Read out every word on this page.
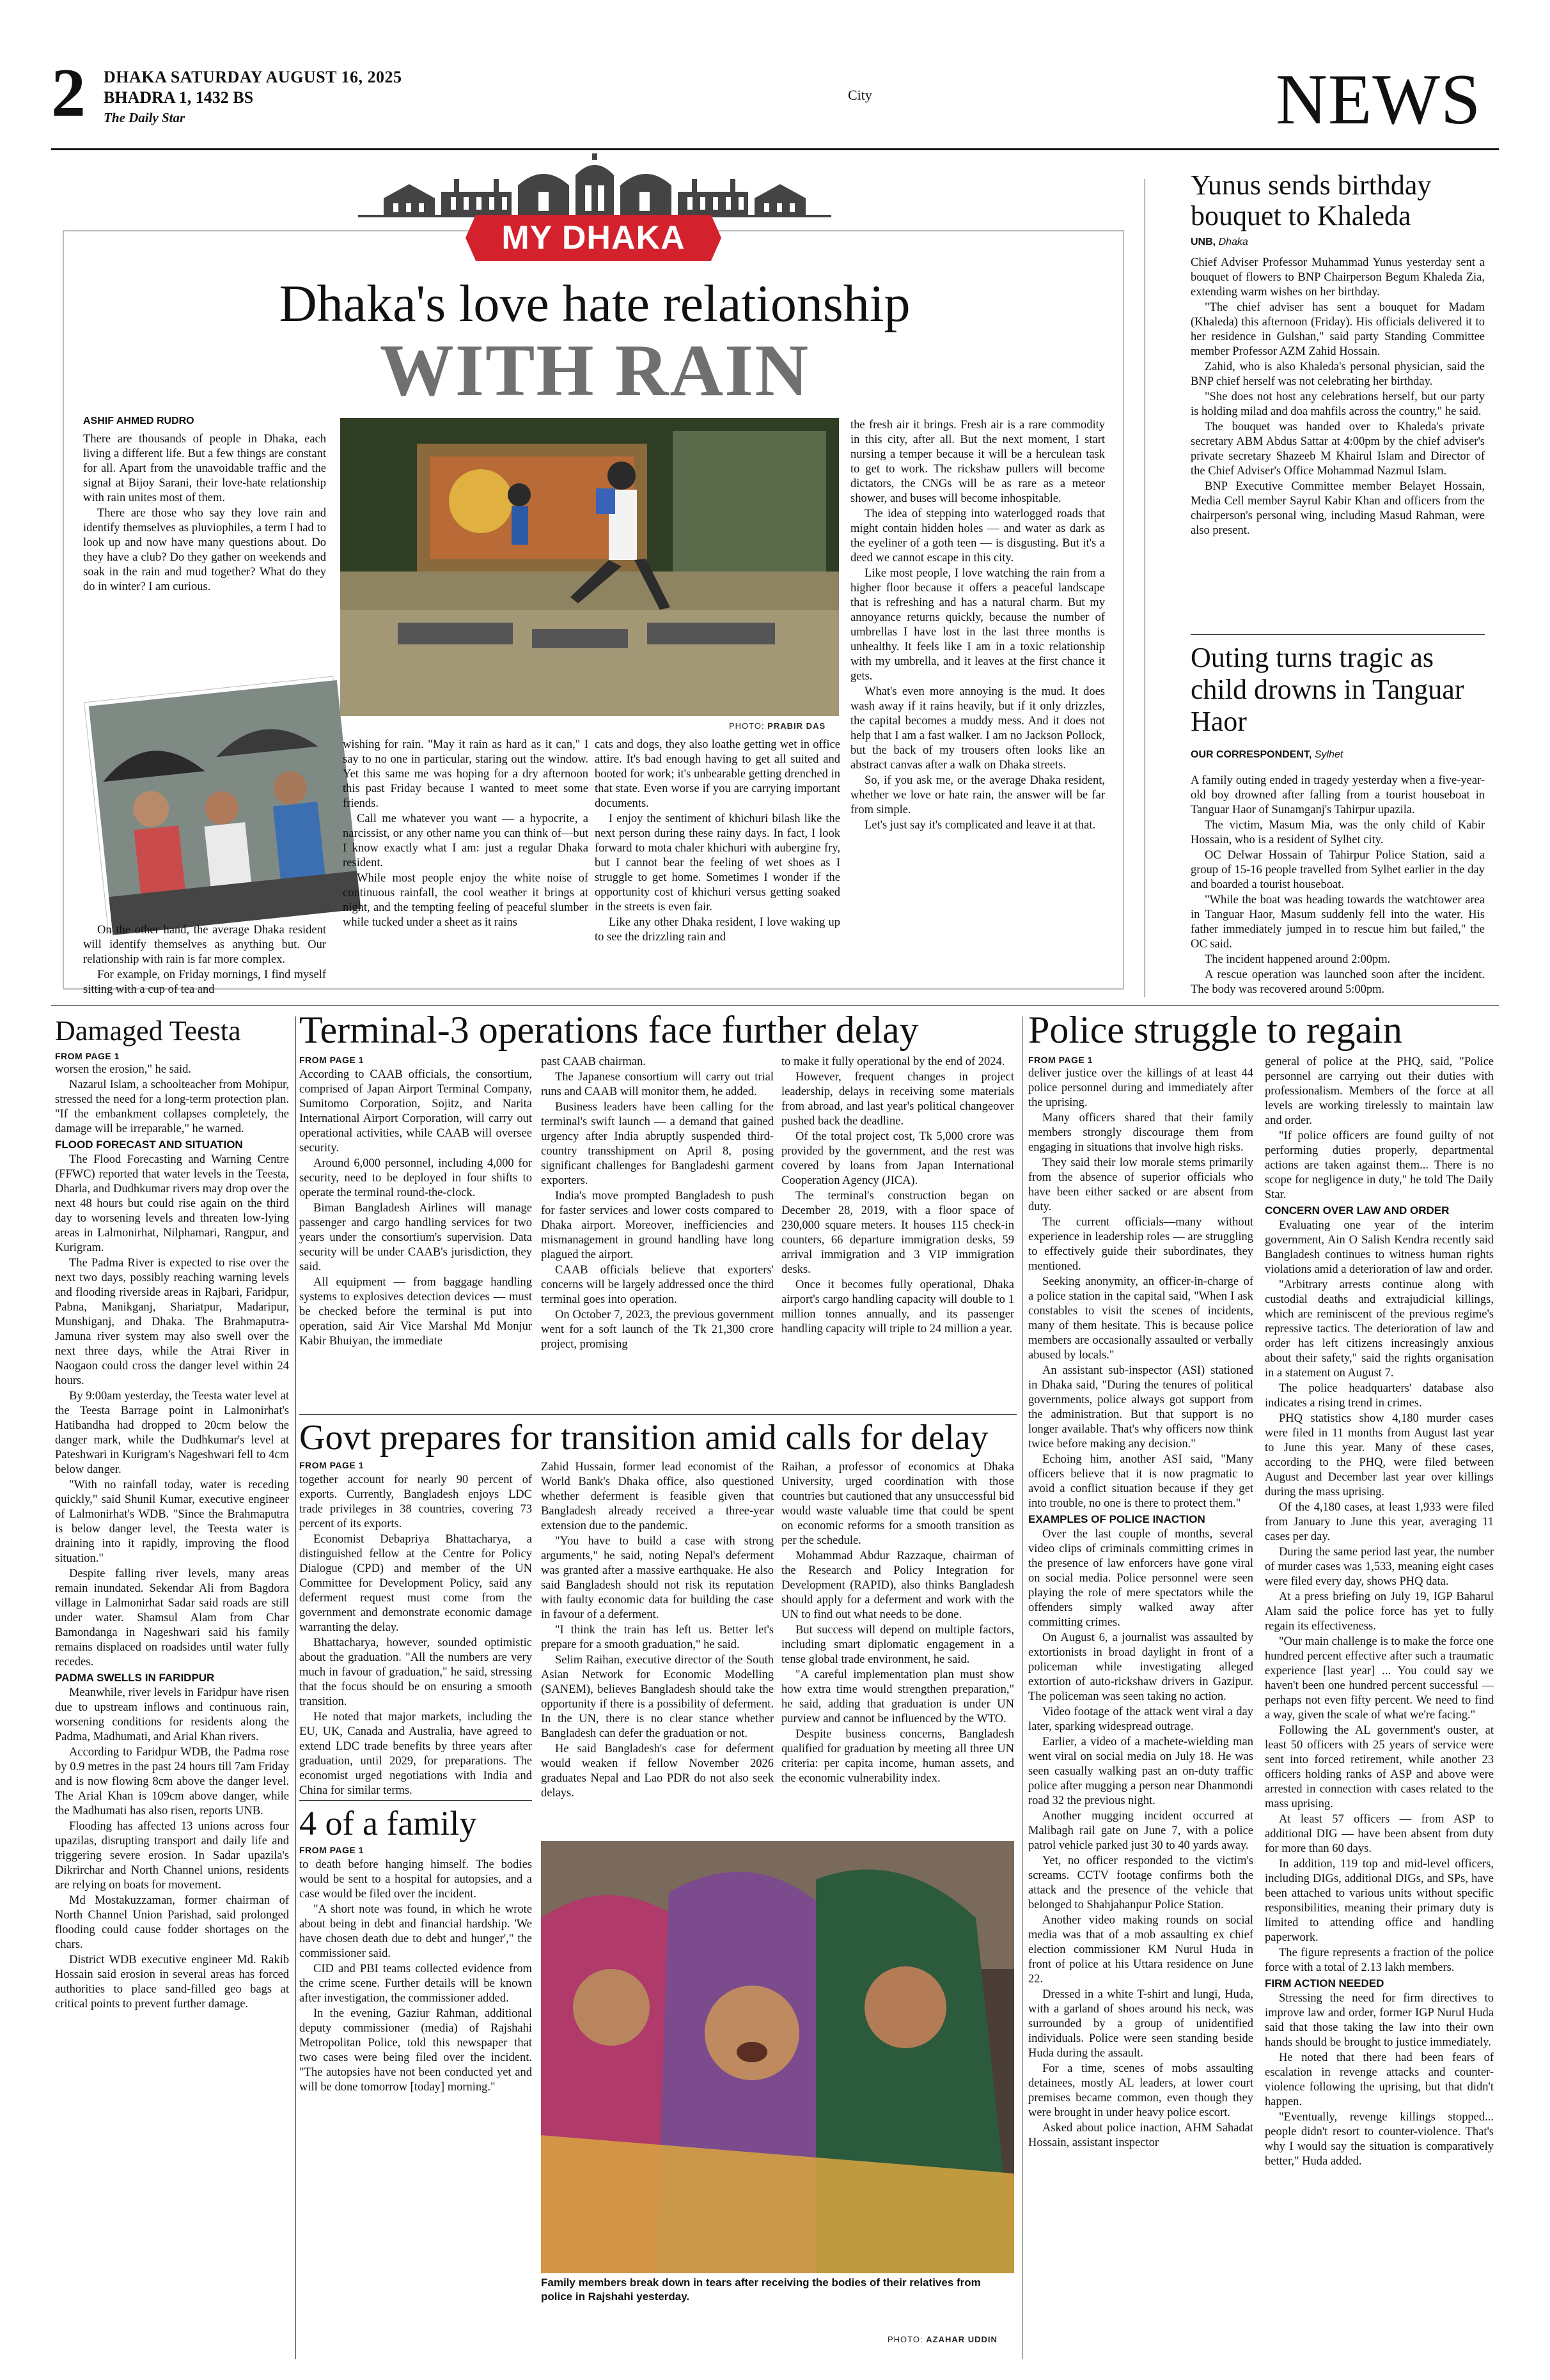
2 DHAKA SATURDAY AUGUST 16, 2025
BHADRA 1, 1432 BS
The Daily Star
City	NEWS
MY DHAKA
Dhaka's love hate relationship
WITH RAIN
ASHIF AHMED RUDRO
PHOTO: PRABIR DAS

There are thousands of people in Dhaka, each living a different life. But a few things are constant for all. Apart from the unavoidable traffic and the signal at Bijoy Sarani, their love-hate relationship with rain unites most of them.

There are those who say they love rain and identify themselves as pluviophiles, a term I had to look up and now have many questions about. Do they have a club? Do they gather on weekends and soak in the rain and mud together? What do they do in winter? I am curious.

On the other hand, the average Dhaka resident will identify themselves as anything but. Our relationship with rain is far more complex.

For example, on Friday mornings, I find myself sitting with a cup of tea and

wishing for rain. "May it rain as hard as it can," I say to no one in particular, staring out the window. Yet this same me was hoping for a dry afternoon this past Friday because I wanted to meet some friends.

Call me whatever you want — a hypocrite, a narcissist, or any other name you can think of—but I know exactly what I am: just a regular Dhaka resident.

While most people enjoy the white noise of continuous rainfall, the cool weather it brings at night, and the tempting feeling of peaceful slumber while tucked under a sheet as it rains

cats and dogs, they also loathe getting wet in office attire. It's bad enough having to get all suited and booted for work; it's unbearable getting drenched in that state. Even worse if you are carrying important documents.

I enjoy the sentiment of khichuri bilash like the next person during these rainy days. In fact, I look forward to mota chaler khichuri with aubergine fry, but I cannot bear the feeling of wet shoes as I struggle to get home. Sometimes I wonder if the opportunity cost of khichuri versus getting soaked in the streets is even fair.

Like any other Dhaka resident, I love waking up to see the drizzling rain and

the fresh air it brings. Fresh air is a rare commodity in this city, after all. But the next moment, I start nursing a temper because it will be a herculean task to get to work. The rickshaw pullers will become dictators, the CNGs will be as rare as a meteor shower, and buses will become inhospitable.

The idea of stepping into waterlogged roads that might contain hidden holes — and water as dark as the eyeliner of a goth teen — is disgusting. But it's a deed we cannot escape in this city.

Like most people, I love watching the rain from a higher floor because it offers a peaceful landscape that is refreshing and has a natural charm. But my annoyance returns quickly, because the number of umbrellas I have lost in the last three months is unhealthy. It feels like I am in a toxic relationship with my umbrella, and it leaves at the first chance it gets.

What's even more annoying is the mud. It does wash away if it rains heavily, but if it only drizzles, the capital becomes a muddy mess. And it does not help that I am a fast walker. I am no Jackson Pollock, but the back of my trousers often looks like an abstract canvas after a walk on Dhaka streets.

So, if you ask me, or the average Dhaka resident, whether we love or hate rain, the answer will be far from simple.

Let's just say it's complicated and leave it at that.

Yunus sends birthday bouquet to Khaleda
UNB, Dhaka

Chief Adviser Professor Muhammad Yunus yesterday sent a bouquet of flowers to BNP Chairperson Begum Khaleda Zia, extending warm wishes on her birthday.

"The chief adviser has sent a bouquet for Madam (Khaleda) this afternoon (Friday). His officials delivered it to her residence in Gulshan," said party Standing Committee member Professor AZM Zahid Hossain.

Zahid, who is also Khaleda's personal physician, said the BNP chief herself was not celebrating her birthday.

"She does not host any celebrations herself, but our party is holding milad and doa mahfils across the country," he said.

The bouquet was handed over to Khaleda's private secretary ABM Abdus Sattar at 4:00pm by the chief adviser's private secretary Shazeeb M Khairul Islam and Director of the Chief Adviser's Office Mohammad Nazmul Islam.

BNP Executive Committee member Belayet Hossain, Media Cell member Sayrul Kabir Khan and officers from the chairperson's personal wing, including Masud Rahman, were also present.

Outing turns tragic as child drowns in Tanguar Haor
OUR CORRESPONDENT, Sylhet

A family outing ended in tragedy yesterday when a five-year-old boy drowned after falling from a tourist houseboat in Tanguar Haor of Sunamganj's Tahirpur upazila.

The victim, Masum Mia, was the only child of Kabir Hossain, who is a resident of Sylhet city.

OC Delwar Hossain of Tahirpur Police Station, said a group of 15-16 people travelled from Sylhet earlier in the day and boarded a tourist houseboat.

"While the boat was heading towards the watchtower area in Tanguar Haor, Masum suddenly fell into the water. His father immediately jumped in to rescue him but failed," the OC said.

The incident happened around 2:00pm.

A rescue operation was launched soon after the incident. The body was recovered around 5:00pm.

Damaged Teesta
FROM PAGE 1

worsen the erosion," he said.

Nazarul Islam, a schoolteacher from Mohipur, stressed the need for a long-term protection plan. "If the embankment collapses completely, the damage will be irreparable," he warned.

FLOOD FORECAST AND SITUATION

The Flood Forecasting and Warning Centre (FFWC) reported that water levels in the Teesta, Dharla, and Dudhkumar rivers may drop over the next 48 hours but could rise again on the third day to worsening levels and threaten low-lying areas in Lalmonirhat, Nilphamari, Rangpur, and Kurigram.

The Padma River is expected to rise over the next two days, possibly reaching warning levels and flooding riverside areas in Rajbari, Faridpur, Pabna, Manikganj, Shariatpur, Madaripur, Munshiganj, and Dhaka. The Brahmaputra-Jamuna river system may also swell over the next three days, while the Atrai River in Naogaon could cross the danger level within 24 hours.

By 9:00am yesterday, the Teesta water level at the Teesta Barrage point in Lalmonirhat's Hatibandha had dropped to 20cm below the danger mark, while the Dudhkumar's level at Pateshwari in Kurigram's Nageshwari fell to 4cm below danger.

"With no rainfall today, water is receding quickly," said Shunil Kumar, executive engineer of Lalmonirhat's WDB. "Since the Brahmaputra is below danger level, the Teesta water is draining into it rapidly, improving the flood situation."

Despite falling river levels, many areas remain inundated. Sekendar Ali from Bagdora village in Lalmonirhat Sadar said roads are still under water. Shamsul Alam from Char Bamondanga in Nageshwari said his family remains displaced on roadsides until water fully recedes.

PADMA SWELLS IN FARIDPUR

Meanwhile, river levels in Faridpur have risen due to upstream inflows and continuous rain, worsening conditions for residents along the Padma, Madhumati, and Arial Khan rivers.

According to Faridpur WDB, the Padma rose by 0.9 metres in the past 24 hours till 7am Friday and is now flowing 8cm above the danger level. The Arial Khan is 109cm above danger, while the Madhumati has also risen, reports UNB.

Flooding has affected 13 unions across four upazilas, disrupting transport and daily life and triggering severe erosion. In Sadar upazila's Dikrirchar and North Channel unions, residents are relying on boats for movement.

Md Mostakuzzaman, former chairman of North Channel Union Parishad, said prolonged flooding could cause fodder shortages on the chars.

District WDB executive engineer Md. Rakib Hossain said erosion in several areas has forced authorities to place sand-filled geo bags at critical points to prevent further damage.

Terminal-3 operations face further delay
FROM PAGE 1

According to CAAB officials, the consortium, comprised of Japan Airport Terminal Company, Sumitomo Corporation, Sojitz, and Narita International Airport Corporation, will carry out operational activities, while CAAB will oversee security.

Around 6,000 personnel, including 4,000 for security, need to be deployed in four shifts to operate the terminal round-the-clock.

Biman Bangladesh Airlines will manage passenger and cargo handling services for two years under the consortium's supervision. Data security will be under CAAB's jurisdiction, they said.

All equipment — from baggage handling systems to explosives detection devices — must be checked before the terminal is put into operation, said Air Vice Marshal Md Monjur Kabir Bhuiyan, the immediate

past CAAB chairman.

The Japanese consortium will carry out trial runs and CAAB will monitor them, he added.

Business leaders have been calling for the terminal's swift launch — a demand that gained urgency after India abruptly suspended third-country transshipment on April 8, posing significant challenges for Bangladeshi garment exporters.

India's move prompted Bangladesh to push for faster services and lower costs compared to Dhaka airport. Moreover, inefficiencies and mismanagement in ground handling have long plagued the airport.

CAAB officials believe that exporters' concerns will be largely addressed once the third terminal goes into operation.

On October 7, 2023, the previous government went for a soft launch of the Tk 21,300 crore project, promising

to make it fully operational by the end of 2024.

However, frequent changes in project leadership, delays in receiving some materials from abroad, and last year's political changeover pushed back the deadline.

Of the total project cost, Tk 5,000 crore was provided by the government, and the rest was covered by loans from Japan International Cooperation Agency (JICA).

The terminal's construction began on December 28, 2019, with a floor space of 230,000 square meters. It houses 115 check-in counters, 66 departure immigration desks, 59 arrival immigration and 3 VIP immigration desks.

Once it becomes fully operational, Dhaka airport's cargo handling capacity will double to 1 million tonnes annually, and its passenger handling capacity will triple to 24 million a year.

Govt prepares for transition amid calls for delay
FROM PAGE 1

together account for nearly 90 percent of exports. Currently, Bangladesh enjoys LDC trade privileges in 38 countries, covering 73 percent of its exports.

Economist Debapriya Bhattacharya, a distinguished fellow at the Centre for Policy Dialogue (CPD) and member of the UN Committee for Development Policy, said any deferment request must come from the government and demonstrate economic damage warranting the delay.

Bhattacharya, however, sounded optimistic about the graduation. "All the numbers are very much in favour of graduation," he said, stressing that the focus should be on ensuring a smooth transition.

He noted that major markets, including the EU, UK, Canada and Australia, have agreed to extend LDC trade benefits by three years after graduation, until 2029, for preparations. The economist urged negotiations with India and China for similar terms.

Zahid Hussain, former lead economist of the World Bank's Dhaka office, also questioned whether deferment is feasible given that Bangladesh already received a three-year extension due to the pandemic.

"You have to build a case with strong arguments," he said, noting Nepal's deferment was granted after a massive earthquake. He also said Bangladesh should not risk its reputation with faulty economic data for building the case in favour of a deferment.

"I think the train has left us. Better let's prepare for a smooth graduation," he said.

Selim Raihan, executive director of the South Asian Network for Economic Modelling (SANEM), believes Bangladesh should take the opportunity if there is a possibility of deferment. In the UN, there is no clear stance whether Bangladesh can defer the graduation or not.

He said Bangladesh's case for deferment would weaken if fellow November 2026 graduates Nepal and Lao PDR do not also seek delays.

Raihan, a professor of economics at Dhaka University, urged coordination with those countries but cautioned that any unsuccessful bid would waste valuable time that could be spent on economic reforms for a smooth transition as per the schedule.

Mohammad Abdur Razzaque, chairman of the Research and Policy Integration for Development (RAPID), also thinks Bangladesh should apply for a deferment and work with the UN to find out what needs to be done.

But success will depend on multiple factors, including smart diplomatic engagement in a tense global trade environment, he said.

"A careful implementation plan must show how extra time would strengthen preparation," he said, adding that graduation is under UN purview and cannot be influenced by the WTO.

Despite business concerns, Bangladesh qualified for graduation by meeting all three UN criteria: per capita income, human assets, and the economic vulnerability index.

4 of a family
FROM PAGE 1

to death before hanging himself. The bodies would be sent to a hospital for autopsies, and a case would be filed over the incident.

"A short note was found, in which he wrote about being in debt and financial hardship. 'We have chosen death due to debt and hunger'," the commissioner said.

CID and PBI teams collected evidence from the crime scene. Further details will be known after investigation, the commissioner added.

In the evening, Gaziur Rahman, additional deputy commissioner (media) of Rajshahi Metropolitan Police, told this newspaper that two cases were being filed over the incident. "The autopsies have not been conducted yet and will be done tomorrow [today] morning."

Family members break down in tears after receiving the bodies of their relatives from police in Rajshahi yesterday.
PHOTO: AZAHAR UDDIN
Police struggle to regain
FROM PAGE 1

deliver justice over the killings of at least 44 police personnel during and immediately after the uprising.

Many officers shared that their family members strongly discourage them from engaging in situations that involve high risks.

They said their low morale stems primarily from the absence of superior officials who have been either sacked or are absent from duty.

The current officials—many without experience in leadership roles — are struggling to effectively guide their subordinates, they mentioned.

Seeking anonymity, an officer-in-charge of a police station in the capital said, "When I ask constables to visit the scenes of incidents, many of them hesitate. This is because police members are occasionally assaulted or verbally abused by locals."

An assistant sub-inspector (ASI) stationed in Dhaka said, "During the tenures of political governments, police always got support from the administration. But that support is no longer available. That's why officers now think twice before making any decision."

Echoing him, another ASI said, "Many officers believe that it is now pragmatic to avoid a conflict situation because if they get into trouble, no one is there to protect them."

EXAMPLES OF POLICE INACTION

Over the last couple of months, several video clips of criminals committing crimes in the presence of law enforcers have gone viral on social media. Police personnel were seen playing the role of mere spectators while the offenders simply walked away after committing crimes.

On August 6, a journalist was assaulted by extortionists in broad daylight in front of a policeman while investigating alleged extortion of auto-rickshaw drivers in Gazipur. The policeman was seen taking no action.

Video footage of the attack went viral a day later, sparking widespread outrage.

Earlier, a video of a machete-wielding man went viral on social media on July 18. He was seen casually walking past an on-duty traffic police after mugging a person near Dhanmondi road 32 the previous night.

Another mugging incident occurred at Malibagh rail gate on June 7, with a police patrol vehicle parked just 30 to 40 yards away.

Yet, no officer responded to the victim's screams. CCTV footage confirms both the attack and the presence of the vehicle that belonged to Shahjahanpur Police Station.

Another video making rounds on social media was that of a mob assaulting ex chief election commissioner KM Nurul Huda in front of police at his Uttara residence on June 22.

Dressed in a white T-shirt and lungi, Huda, with a garland of shoes around his neck, was surrounded by a group of unidentified individuals. Police were seen standing beside Huda during the assault.

For a time, scenes of mobs assaulting detainees, mostly AL leaders, at lower court premises became common, even though they were brought in under heavy police escort.

Asked about police inaction, AHM Sahadat Hossain, assistant inspector

general of police at the PHQ, said, "Police personnel are carrying out their duties with professionalism. Members of the force at all levels are working tirelessly to maintain law and order.

"If police officers are found guilty of not performing duties properly, departmental actions are taken against them... There is no scope for negligence in duty," he told The Daily Star.

CONCERN OVER LAW AND ORDER

Evaluating one year of the interim government, Ain O Salish Kendra recently said Bangladesh continues to witness human rights violations amid a deterioration of law and order.

"Arbitrary arrests continue along with custodial deaths and extrajudicial killings, which are reminiscent of the previous regime's repressive tactics. The deterioration of law and order has left citizens increasingly anxious about their safety," said the rights organisation in a statement on August 7.

The police headquarters' database also indicates a rising trend in crimes.

PHQ statistics show 4,180 murder cases were filed in 11 months from August last year to June this year. Many of these cases, according to the PHQ, were filed between August and December last year over killings during the mass uprising.

Of the 4,180 cases, at least 1,933 were filed from January to June this year, averaging 11 cases per day.

During the same period last year, the number of murder cases was 1,533, meaning eight cases were filed every day, shows PHQ data.

At a press briefing on July 19, IGP Baharul Alam said the police force has yet to fully regain its effectiveness.

"Our main challenge is to make the force one hundred percent effective after such a traumatic experience [last year] ... You could say we haven't been one hundred percent successful — perhaps not even fifty percent. We need to find a way, given the scale of what we're facing."

Following the AL government's ouster, at least 50 officers with 25 years of service were sent into forced retirement, while another 23 officers holding ranks of ASP and above were arrested in connection with cases related to the mass uprising.

At least 57 officers — from ASP to additional DIG — have been absent from duty for more than 60 days.

In addition, 119 top and mid-level officers, including DIGs, additional DIGs, and SPs, have been attached to various units without specific responsibilities, meaning their primary duty is limited to attending office and handling paperwork.

The figure represents a fraction of the police force with a total of 2.13 lakh members.

FIRM ACTION NEEDED

Stressing the need for firm directives to improve law and order, former IGP Nurul Huda said that those taking the law into their own hands should be brought to justice immediately.

He noted that there had been fears of escalation in revenge attacks and counter-violence following the uprising, but that didn't happen.

"Eventually, revenge killings stopped... people didn't resort to counter-violence. That's why I would say the situation is comparatively better," Huda added.
